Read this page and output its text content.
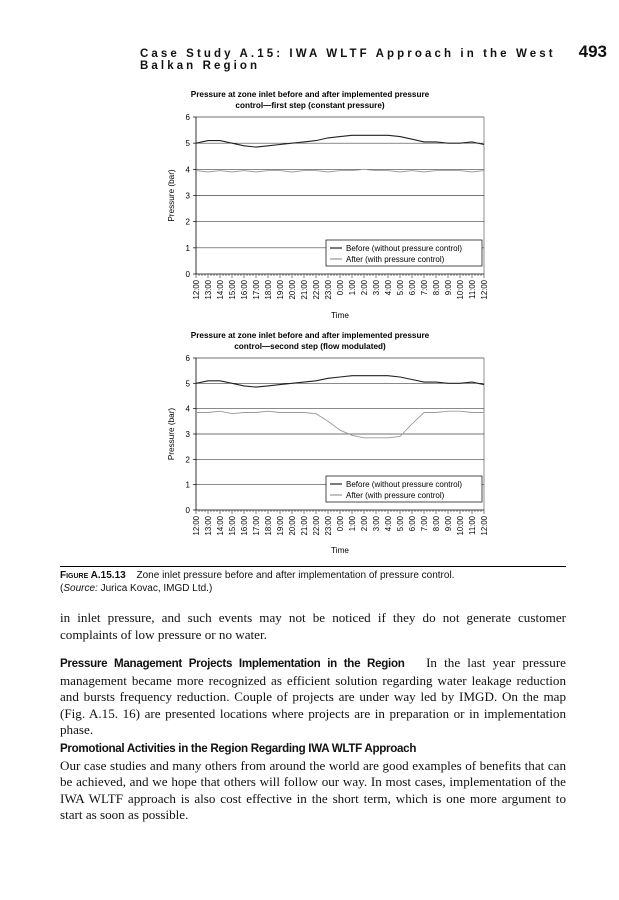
Case Study A.15: IWA WLTF Approach in the West Balkan Region
493
Pressure at zone inlet before and after implemented pressure
control—first step (constant pressure)
0
1
2
3
4
5
6
12:00 13:00 14:00 15:00 16:00 17:00 18:00 19:00 20:00 21:00 22:00 23:00 0:00 1:00 2:00 3:00 4:00 5:00 6:00 7:00 8:00 9:00 10:00 11:00 12:00
Pressure (bar)
Time
Before (without pressure control)
After (with pressure control)
Pressure at zone inlet before and after implemented pressure
control—second step (flow modulated)
0
1
2
3
4
5
6
12:00 13:00 14:00 15:00 16:00 17:00 18:00 19:00 20:00 21:00 22:00 23:00 0:00 1:00 2:00 3:00 4:00 5:00 6:00 7:00 8:00 9:00 10:00 11:00 12:00
Pressure (bar)
Time
Before (without pressure control)
After (with pressure control)
Figure A.15.13 Zone inlet pressure before and after implementation of pressure control.
(Source: Jurica Kovac, IMGD Ltd.)

in inlet pressure, and such events may not be noticed if they do not generate customer complaints of low pressure or no water.

Pressure Management Projects Implementation in the Region In the last year pressure management became more recognized as efficient solution regarding water leakage reduction and bursts frequency reduction. Couple of projects are under way led by IMGD. On the map (Fig. A.15. 16) are presented locations where projects are in preparation or in implementation phase.

Promotional Activities in the Region Regarding IWA WLTF Approach

Our case studies and many others from around the world are good examples of benefits that can be achieved, and we hope that others will follow our way. In most cases, implementation of the IWA WLTF approach is also cost effective in the short term, which is one more argument to start as soon as possible.
